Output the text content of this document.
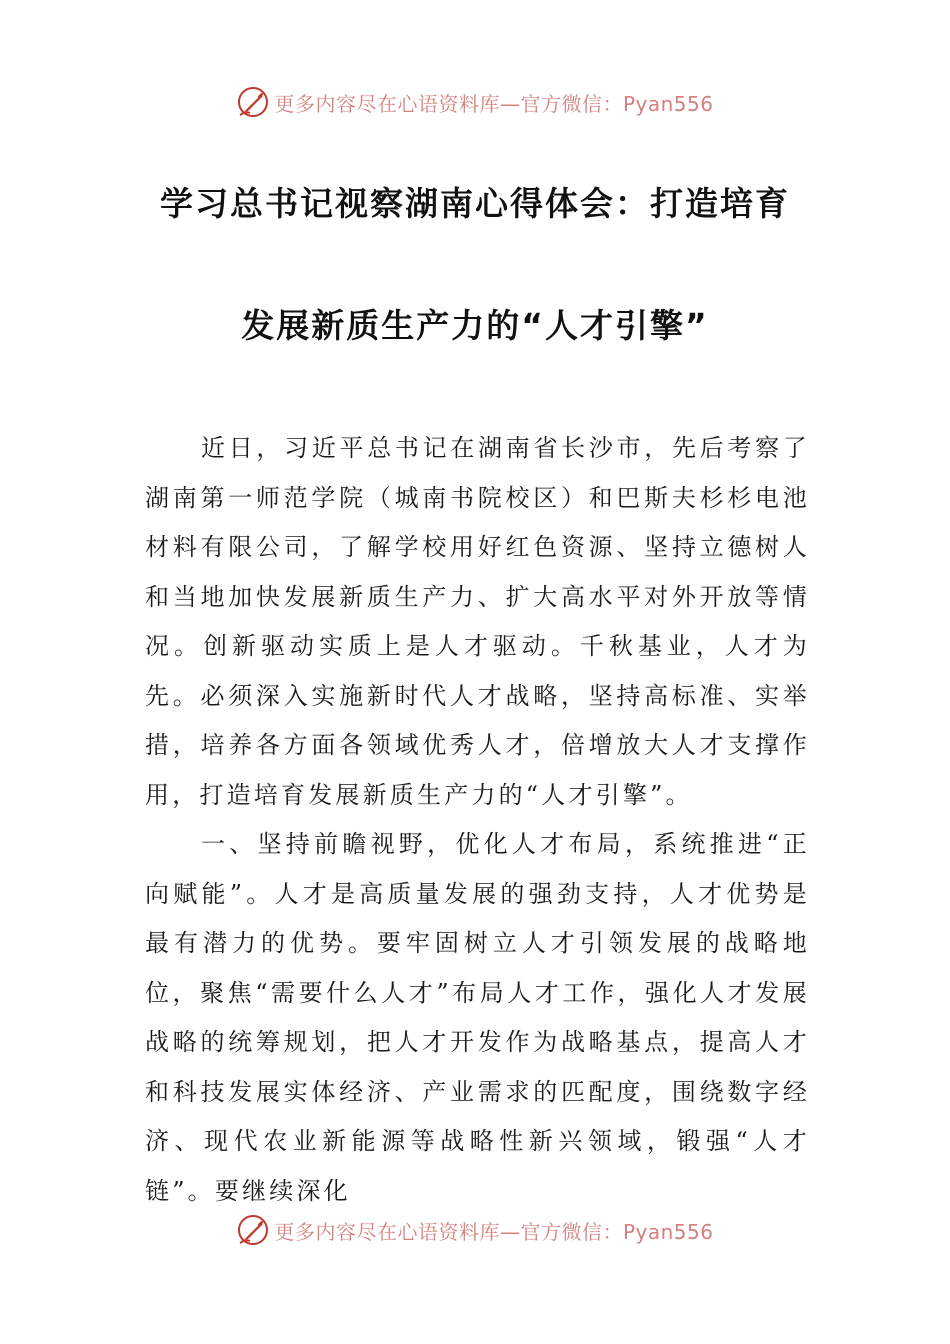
更多内容尽在心语资料库—官方微信：Pyan556
学习总书记视察湖南心得体会：打造培育
发展新质生产力的“人才引擎”

近日，习近平总书记在湖南省长沙市，先后考察了湖南第一师范学院（城南书院校区）和巴斯夫杉杉电池材料有限公司，了解学校用好红色资源、坚持立德树人和当地加快发展新质生产力、扩大高水平对外开放等情况。创新驱动实质上是人才驱动。千秋基业，人才为先。必须深入实施新时代人才战略，坚持高标准、实举措，培养各方面各领域优秀人才，倍增放大人才支撑作用，打造培育发展新质生产力的“人才引擎”。

一、坚持前瞻视野，优化人才布局，系统推进“正向赋能”。人才是高质量发展的强劲支持，人才优势是最有潜力的优势。要牢固树立人才引领发展的战略地位，聚焦“需要什么人才”布局人才工作，强化人才发展战略的统筹规划，把人才开发作为战略基点，提高人才和科技发展实体经济、产业需求的匹配度，围绕数字经济、现代农业新能源等战略性新兴领域，锻强“人才链”。要继续深化

更多内容尽在心语资料库—官方微信：Pyan556
